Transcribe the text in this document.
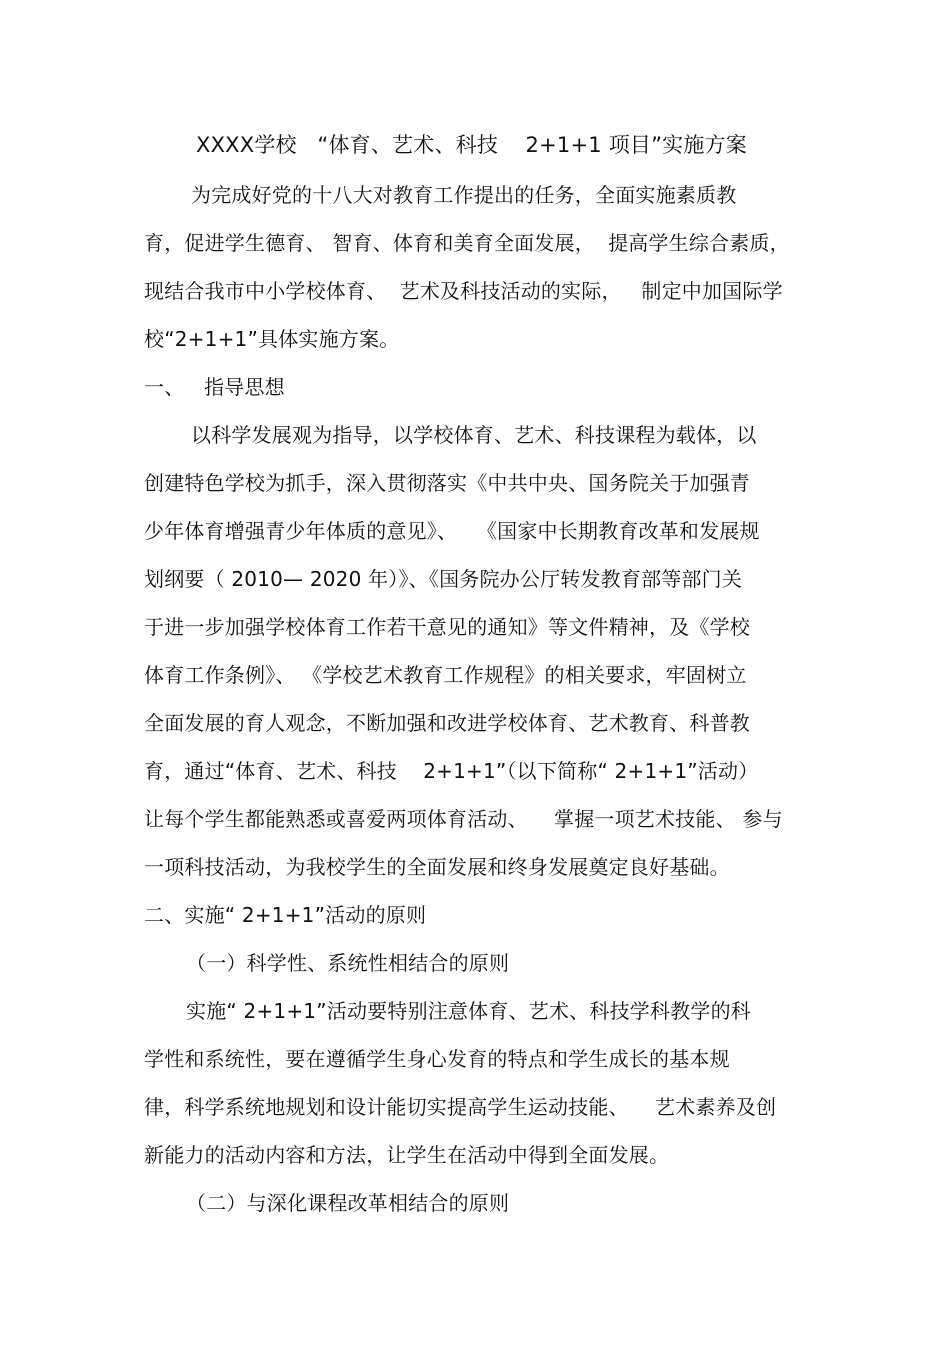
XXXX学校   “体育、艺术、科技    2+1+1 项目”实施方案
为完成好党的十八大对教育工作提出的任务，全面实施素质教
育，促进学生德育、 智育、体育和美育全面发展，  提高学生综合素质，
现结合我市中小学校体育、  艺术及科技活动的实际，   制定中加国际学
校“2+1+1”具体实施方案。
一、   指导思想
以科学发展观为指导，以学校体育、艺术、科技课程为载体，以
创建特色学校为抓手，深入贯彻落实《中共中央、国务院关于加强青
少年体育增强青少年体质的意见》、   《国家中长期教育改革和发展规
划纲要（ 2010— 2020 年）》、《国务院办公厅转发教育部等部门关
于进一步加强学校体育工作若干意见的通知》等文件精神，及《学校
体育工作条例》、 《学校艺术教育工作规程》的相关要求，牢固树立
全面发展的育人观念，不断加强和改进学校体育、艺术教育、科普教
育，通过“体育、艺术、科技    2+1+1”（以下简称“ 2+1+1”活动）
让每个学生都能熟悉或喜爱两项体育活动、    掌握一项艺术技能、 参与
一项科技活动，为我校学生的全面发展和终身发展奠定良好基础。
二、实施“ 2+1+1”活动的原则
（一）科学性、系统性相结合的原则
实施“ 2+1+1”活动要特别注意体育、艺术、科技学科教学的科
学性和系统性，要在遵循学生身心发育的特点和学生成长的基本规
律，科学系统地规划和设计能切实提高学生运动技能、    艺术素养及创
新能力的活动内容和方法，让学生在活动中得到全面发展。
（二）与深化课程改革相结合的原则
